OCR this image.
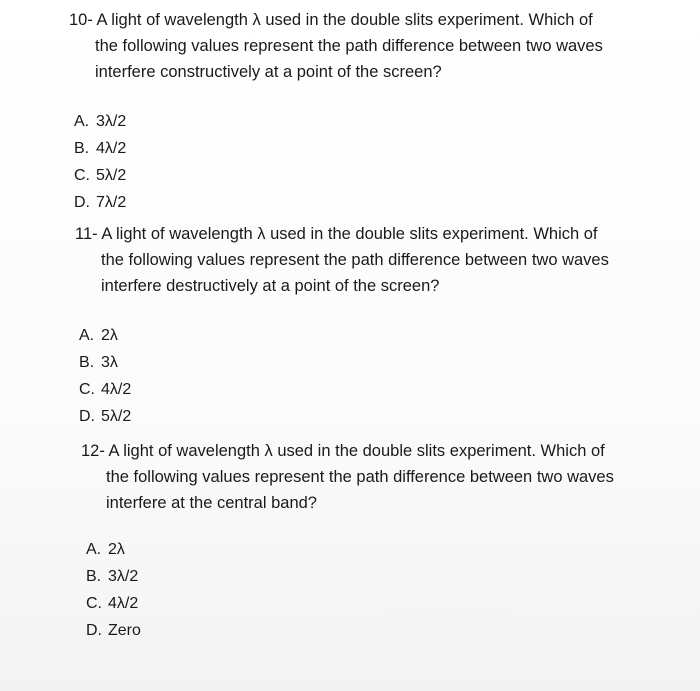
10- A light of wavelength λ used in the double slits experiment. Which of
the following values represent the path difference between two waves
interfere constructively at a point of the screen?
A. 3λ/2
B. 4λ/2
C. 5λ/2
D. 7λ/2
11- A light of wavelength λ used in the double slits experiment. Which of
the following values represent the path difference between two waves
interfere destructively at a point of the screen?
A. 2λ
B. 3λ
C. 4λ/2
D. 5λ/2
12- A light of wavelength λ used in the double slits experiment. Which of
the following values represent the path difference between two waves
interfere at the central band?
A. 2λ
B. 3λ/2
C. 4λ/2
D. Zero
